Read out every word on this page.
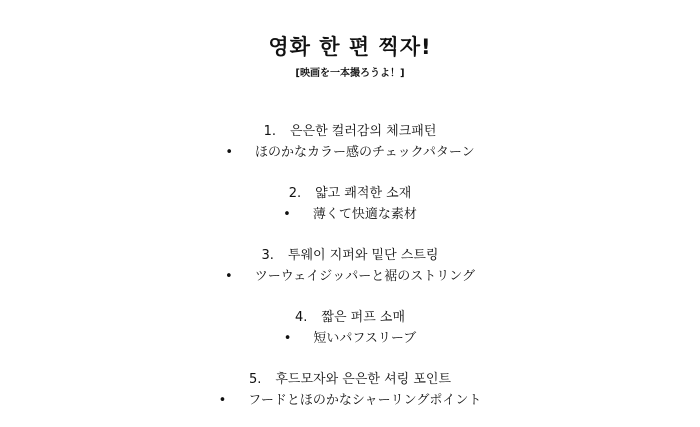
영화 한 편 찍자!
[映画を一本撮ろうよ！]
1. 은은한 컬러감의 체크패턴
• ほのかなカラー感のチェックパターン
2. 얇고 쾌적한 소재
• 薄くて快適な素材
3. 투웨이 지퍼와 밑단 스트링
• ツーウェイジッパーと裾のストリング
4. 짧은 퍼프 소매
• 短いパフスリーブ
5. 후드모자와 은은한 셔링 포인트
• フードとほのかなシャーリングポイント
